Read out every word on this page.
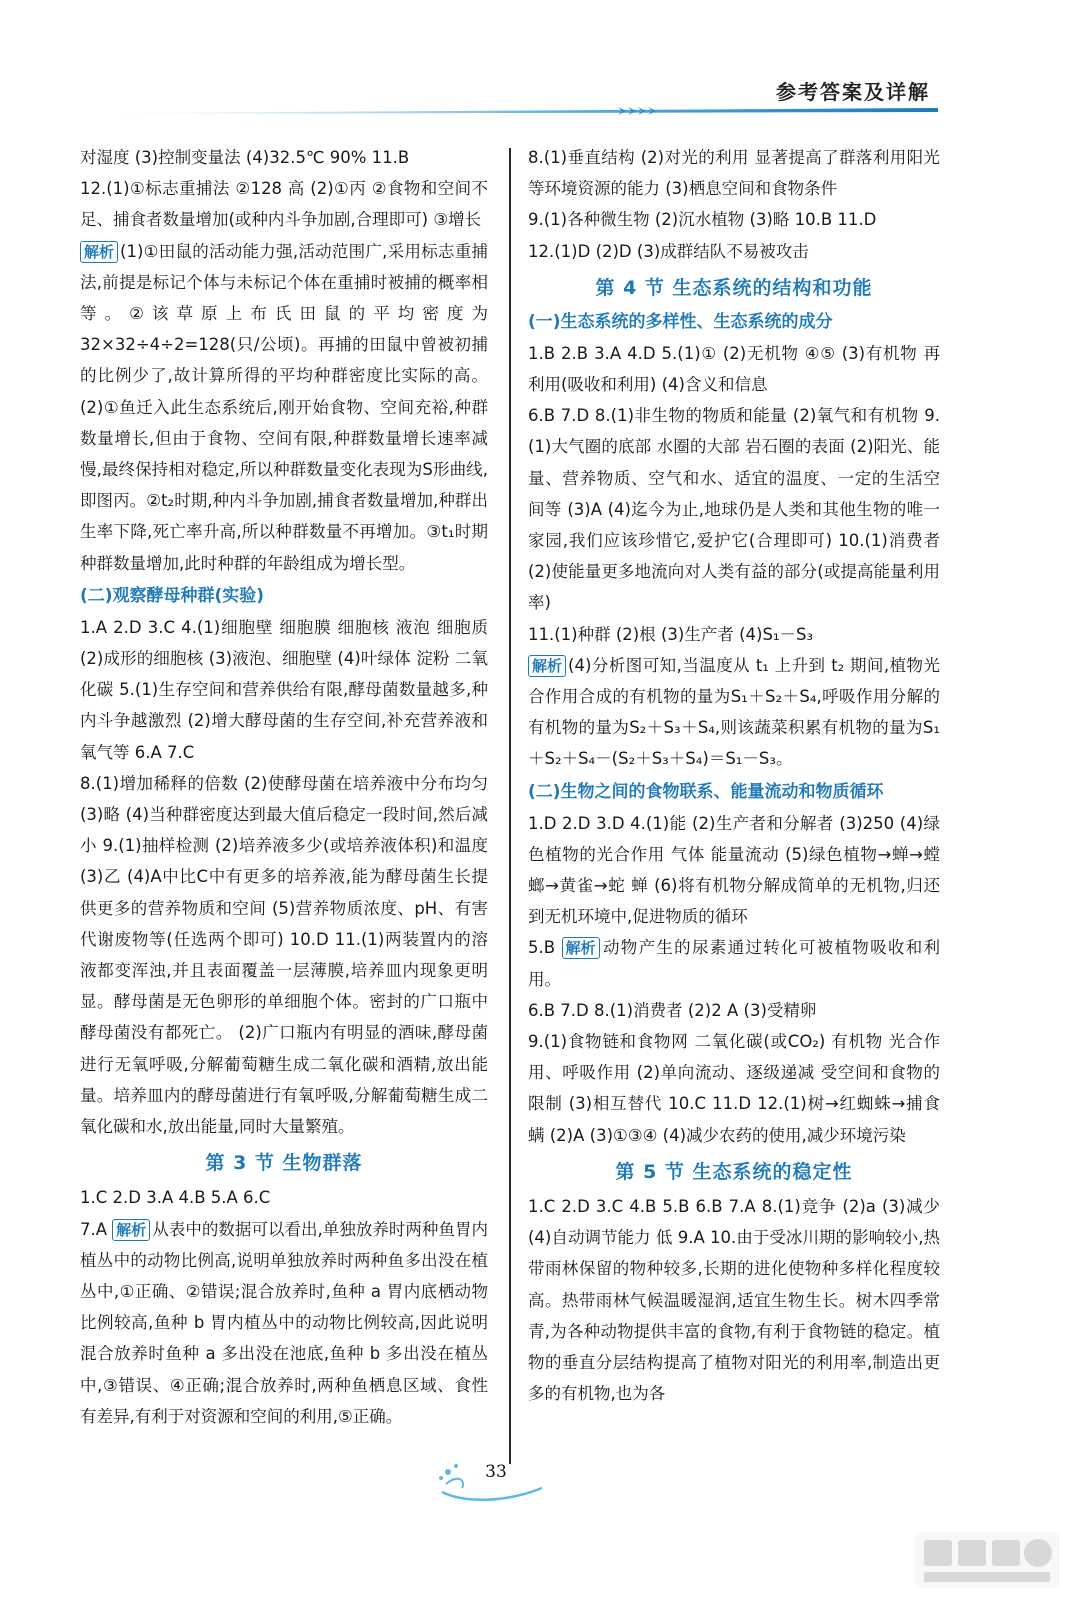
参考答案及详解

对湿度 (3)控制变量法 (4)32.5℃ 90% 11.B

12.(1)①标志重捕法 ②128 高 (2)①丙 ②食物和空间不足、捕食者数量增加(或种内斗争加剧,合理即可) ③增长

解析 (1)①田鼠的活动能力强,活动范围广,采用标志重捕法,前提是标记个体与未标记个体在重捕时被捕的概率相等。②该草原上布氏田鼠的平均密度为 32×32÷4÷2=128(只/公顷)。再捕的田鼠中曾被初捕的比例少了,故计算所得的平均种群密度比实际的高。(2)①鱼迁入此生态系统后,刚开始食物、空间充裕,种群数量增长,但由于食物、空间有限,种群数量增长速率减慢,最终保持相对稳定,所以种群数量变化表现为S形曲线,即图丙。②t₂时期,种内斗争加剧,捕食者数量增加,种群出生率下降,死亡率升高,所以种群数量不再增加。③t₁时期种群数量增加,此时种群的年龄组成为增长型。

(二)观察酵母种群(实验)

1.A 2.D 3.C 4.(1)细胞壁 细胞膜 细胞核 液泡 细胞质 (2)成形的细胞核 (3)液泡、细胞壁 (4)叶绿体 淀粉 二氧化碳 5.(1)生存空间和营养供给有限,酵母菌数量越多,种内斗争越激烈 (2)增大酵母菌的生存空间,补充营养液和氧气等 6.A 7.C

8.(1)增加稀释的倍数 (2)使酵母菌在培养液中分布均匀 (3)略 (4)当种群密度达到最大值后稳定一段时间,然后减小 9.(1)抽样检测 (2)培养液多少(或培养液体积)和温度 (3)乙 (4)A中比C中有更多的培养液,能为酵母菌生长提供更多的营养物质和空间 (5)营养物质浓度、pH、有害代谢废物等(任选两个即可) 10.D 11.(1)两装置内的溶液都变浑浊,并且表面覆盖一层薄膜,培养皿内现象更明显。酵母菌是无色卵形的单细胞个体。密封的广口瓶中酵母菌没有都死亡。 (2)广口瓶内有明显的酒味,酵母菌进行无氧呼吸,分解葡萄糖生成二氧化碳和酒精,放出能量。培养皿内的酵母菌进行有氧呼吸,分解葡萄糖生成二氧化碳和水,放出能量,同时大量繁殖。

第 3 节 生物群落

1.C 2.D 3.A 4.B 5.A 6.C

7.A 解析 从表中的数据可以看出,单独放养时两种鱼胃内植丛中的动物比例高,说明单独放养时两种鱼多出没在植丛中,①正确、②错误;混合放养时,鱼种 a 胃内底栖动物比例较高,鱼种 b 胃内植丛中的动物比例较高,因此说明混合放养时鱼种 a 多出没在池底,鱼种 b 多出没在植丛中,③错误、④正确;混合放养时,两种鱼栖息区域、食性有差异,有利于对资源和空间的利用,⑤正确。

8.(1)垂直结构 (2)对光的利用 显著提高了群落利用阳光等环境资源的能力 (3)栖息空间和食物条件

9.(1)各种微生物 (2)沉水植物 (3)略 10.B 11.D

12.(1)D (2)D (3)成群结队不易被攻击

第 4 节 生态系统的结构和功能
(一)生态系统的多样性、生态系统的成分

1.B 2.B 3.A 4.D 5.(1)① (2)无机物 ④⑤ (3)有机物 再利用(吸收和利用) (4)含义和信息

6.B 7.D 8.(1)非生物的物质和能量 (2)氧气和有机物 9.(1)大气圈的底部 水圈的大部 岩石圈的表面 (2)阳光、能量、营养物质、空气和水、适宜的温度、一定的生活空间等 (3)A (4)迄今为止,地球仍是人类和其他生物的唯一家园,我们应该珍惜它,爱护它(合理即可) 10.(1)消费者 (2)使能量更多地流向对人类有益的部分(或提高能量利用率)

11.(1)种群 (2)根 (3)生产者 (4)S₁－S₃

解析 (4)分析图可知,当温度从 t₁ 上升到 t₂ 期间,植物光合作用合成的有机物的量为S₁＋S₂＋S₄,呼吸作用分解的有机物的量为S₂＋S₃＋S₄,则该蔬菜积累有机物的量为S₁＋S₂＋S₄－(S₂＋S₃＋S₄)＝S₁－S₃。

(二)生物之间的食物联系、能量流动和物质循环

1.D 2.D 3.D 4.(1)能 (2)生产者和分解者 (3)250 (4)绿色植物的光合作用 气体 能量流动 (5)绿色植物→蝉→螳螂→黄雀→蛇 蝉 (6)将有机物分解成简单的无机物,归还到无机环境中,促进物质的循环

5.B 解析 动物产生的尿素通过转化可被植物吸收和利用。

6.B 7.D 8.(1)消费者 (2)2 A (3)受精卵

9.(1)食物链和食物网 二氧化碳(或CO₂) 有机物 光合作用、呼吸作用 (2)单向流动、逐级递减 受空间和食物的限制 (3)相互替代 10.C 11.D 12.(1)树→红蜘蛛→捕食螨 (2)A (3)①③④ (4)减少农药的使用,减少环境污染

第 5 节 生态系统的稳定性

1.C 2.D 3.C 4.B 5.B 6.B 7.A 8.(1)竞争 (2)a (3)减少 (4)自动调节能力 低 9.A 10.由于受冰川期的影响较小,热带雨林保留的物种较多,长期的进化使物种多样化程度较高。热带雨林气候温暖湿润,适宜生物生长。树木四季常青,为各种动物提供丰富的食物,有利于食物链的稳定。植物的垂直分层结构提高了植物对阳光的利用率,制造出更多的有机物,也为各

33
